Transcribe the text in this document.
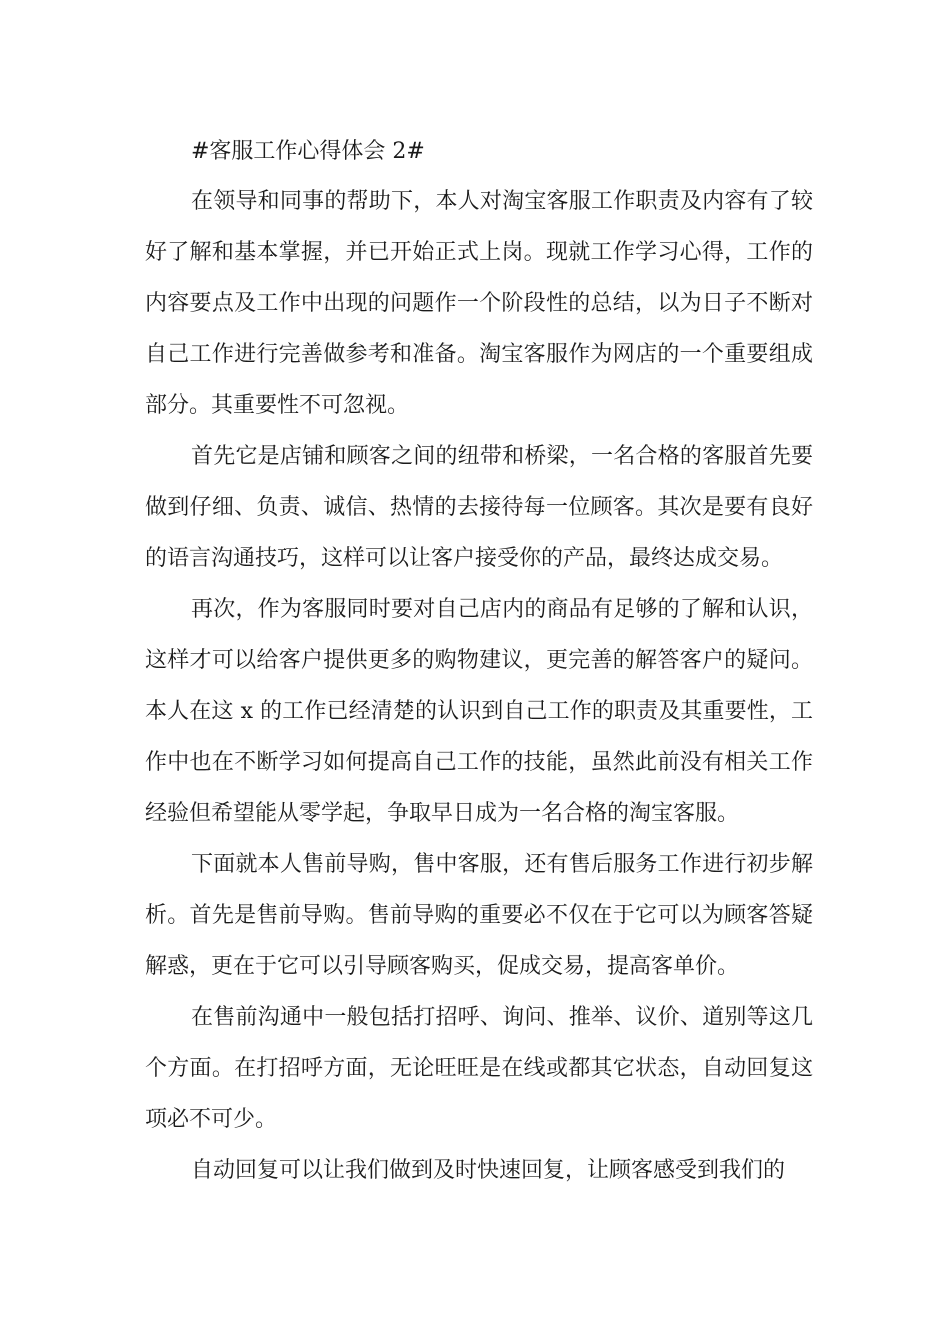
#客服工作心得体会 2#

在领导和同事的帮助下，本人对淘宝客服工作职责及内容有了较好了解和基本掌握，并已开始正式上岗。现就工作学习心得，工作的内容要点及工作中出现的问题作一个阶段性的总结，以为日子不断对自己工作进行完善做参考和准备。淘宝客服作为网店的一个重要组成部分。其重要性不可忽视。

首先它是店铺和顾客之间的纽带和桥梁，一名合格的客服首先要做到仔细、负责、诚信、热情的去接待每一位顾客。其次是要有良好的语言沟通技巧，这样可以让客户接受你的产品，最终达成交易。

再次，作为客服同时要对自己店内的商品有足够的了解和认识，这样才可以给客户提供更多的购物建议，更完善的解答客户的疑问。本人在这 x 的工作已经清楚的认识到自己工作的职责及其重要性，工作中也在不断学习如何提高自己工作的技能，虽然此前没有相关工作经验但希望能从零学起，争取早日成为一名合格的淘宝客服。

下面就本人售前导购，售中客服，还有售后服务工作进行初步解析。首先是售前导购。售前导购的重要必不仅在于它可以为顾客答疑解惑，更在于它可以引导顾客购买，促成交易，提高客单价。

在售前沟通中一般包括打招呼、询问、推举、议价、道别等这几个方面。在打招呼方面，无论旺旺是在线或都其它状态，自动回复这项必不可少。

自动回复可以让我们做到及时快速回复，让顾客感受到我们的
